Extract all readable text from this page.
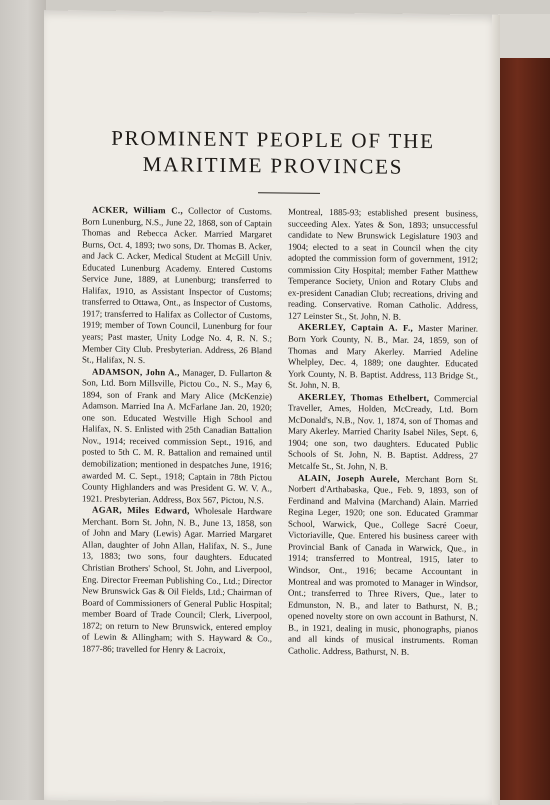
PROMINENT PEOPLE OF THE MARITIME PROVINCES

ACKER, William C., Collector of Customs. Born Lunenburg, N.S., June 22, 1868, son of Captain Thomas and Rebecca Acker. Married Margaret Burns, Oct. 4, 1893; two sons, Dr. Thomas B. Acker, and Jack C. Acker, Medical Student at McGill Univ. Educated Lunenburg Academy. Entered Customs Service June, 1889, at Lunenburg; transferred to Halifax, 1910, as Assistant Inspector of Customs; transferred to Ottawa, Ont., as Inspector of Customs, 1917; transferred to Halifax as Collector of Customs, 1919; member of Town Council, Lunenburg for four years; Past master, Unity Lodge No. 4, R. N. S.; Member City Club. Presbyterian. Address, 26 Bland St., Halifax, N. S.

ADAMSON, John A., Manager, D. Fullarton & Son, Ltd. Born Millsville, Pictou Co., N. S., May 6, 1894, son of Frank and Mary Alice (McKenzie) Adamson. Married Ina A. McFarlane Jan. 20, 1920; one son. Educated Westville High School and Halifax, N. S. Enlisted with 25th Canadian Battalion Nov., 1914; received commission Sept., 1916, and posted to 5th C. M. R. Battalion and remained until demobilization; mentioned in despatches June, 1916; awarded M. C. Sept., 1918; Captain in 78th Pictou County Highlanders and was President G. W. V. A., 1921. Presbyterian. Address, Box 567, Pictou, N.S.

AGAR, Miles Edward, Wholesale Hardware Merchant. Born St. John, N. B., June 13, 1858, son of John and Mary (Lewis) Agar. Married Margaret Allan, daughter of John Allan, Halifax, N. S., June 13, 1883; two sons, four daughters. Educated Christian Brothers' School, St. John, and Liverpool, Eng. Director Freeman Publishing Co., Ltd.; Director New Brunswick Gas & Oil Fields, Ltd.; Chairman of Board of Commissioners of General Public Hospital; member Board of Trade Council; Clerk, Liverpool, 1872; on return to New Brunswick, entered employ of Lewin & Allingham; with S. Hayward & Co., 1877-86; travelled for Henry & Lacroix,

Montreal, 1885-93; established present business, succeeding Alex. Yates & Son, 1893; unsuccessful candidate to New Brunswick Legislature 1903 and 1904; elected to a seat in Council when the city adopted the commission form of government, 1912; commission City Hospital; member Father Matthew Temperance Society, Union and Rotary Clubs and ex-president Canadian Club; recreations, driving and reading. Conservative. Roman Catholic. Address, 127 Leinster St., St. John, N. B.

AKERLEY, Captain A. F., Master Mariner. Born York County, N. B., Mar. 24, 1859, son of Thomas and Mary Akerley. Married Adeline Whelpley, Dec. 4, 1889; one daughter. Educated York County, N. B. Baptist. Address, 113 Bridge St., St. John, N. B.

AKERLEY, Thomas Ethelbert, Commercial Traveller, Ames, Holden, McCready, Ltd. Born McDonald's, N.B., Nov. 1, 1874, son of Thomas and Mary Akerley. Married Charity Isabel Niles, Sept. 6, 1904; one son, two daughters. Educated Public Schools of St. John, N. B. Baptist. Address, 27 Metcalfe St., St. John, N. B.

ALAIN, Joseph Aurele, Merchant Born St. Norbert d'Arthabaska, Que., Feb. 9, 1893, son of Ferdinand and Malvina (Marchand) Alain. Married Regina Leger, 1920; one son. Educated Grammar School, Warwick, Que., College Sacré Coeur, Victoriaville, Que. Entered his business career with Provincial Bank of Canada in Warwick, Que., in 1914; transferred to Montreal, 1915, later to Windsor, Ont., 1916; became Accountant in Montreal and was promoted to Manager in Windsor, Ont.; transferred to Three Rivers, Que., later to Edmunston, N. B., and later to Bathurst, N. B.; opened novelty store on own account in Bathurst, N. B., in 1921, dealing in music, phonographs, pianos and all kinds of musical instruments. Roman Catholic. Address, Bathurst, N. B.
